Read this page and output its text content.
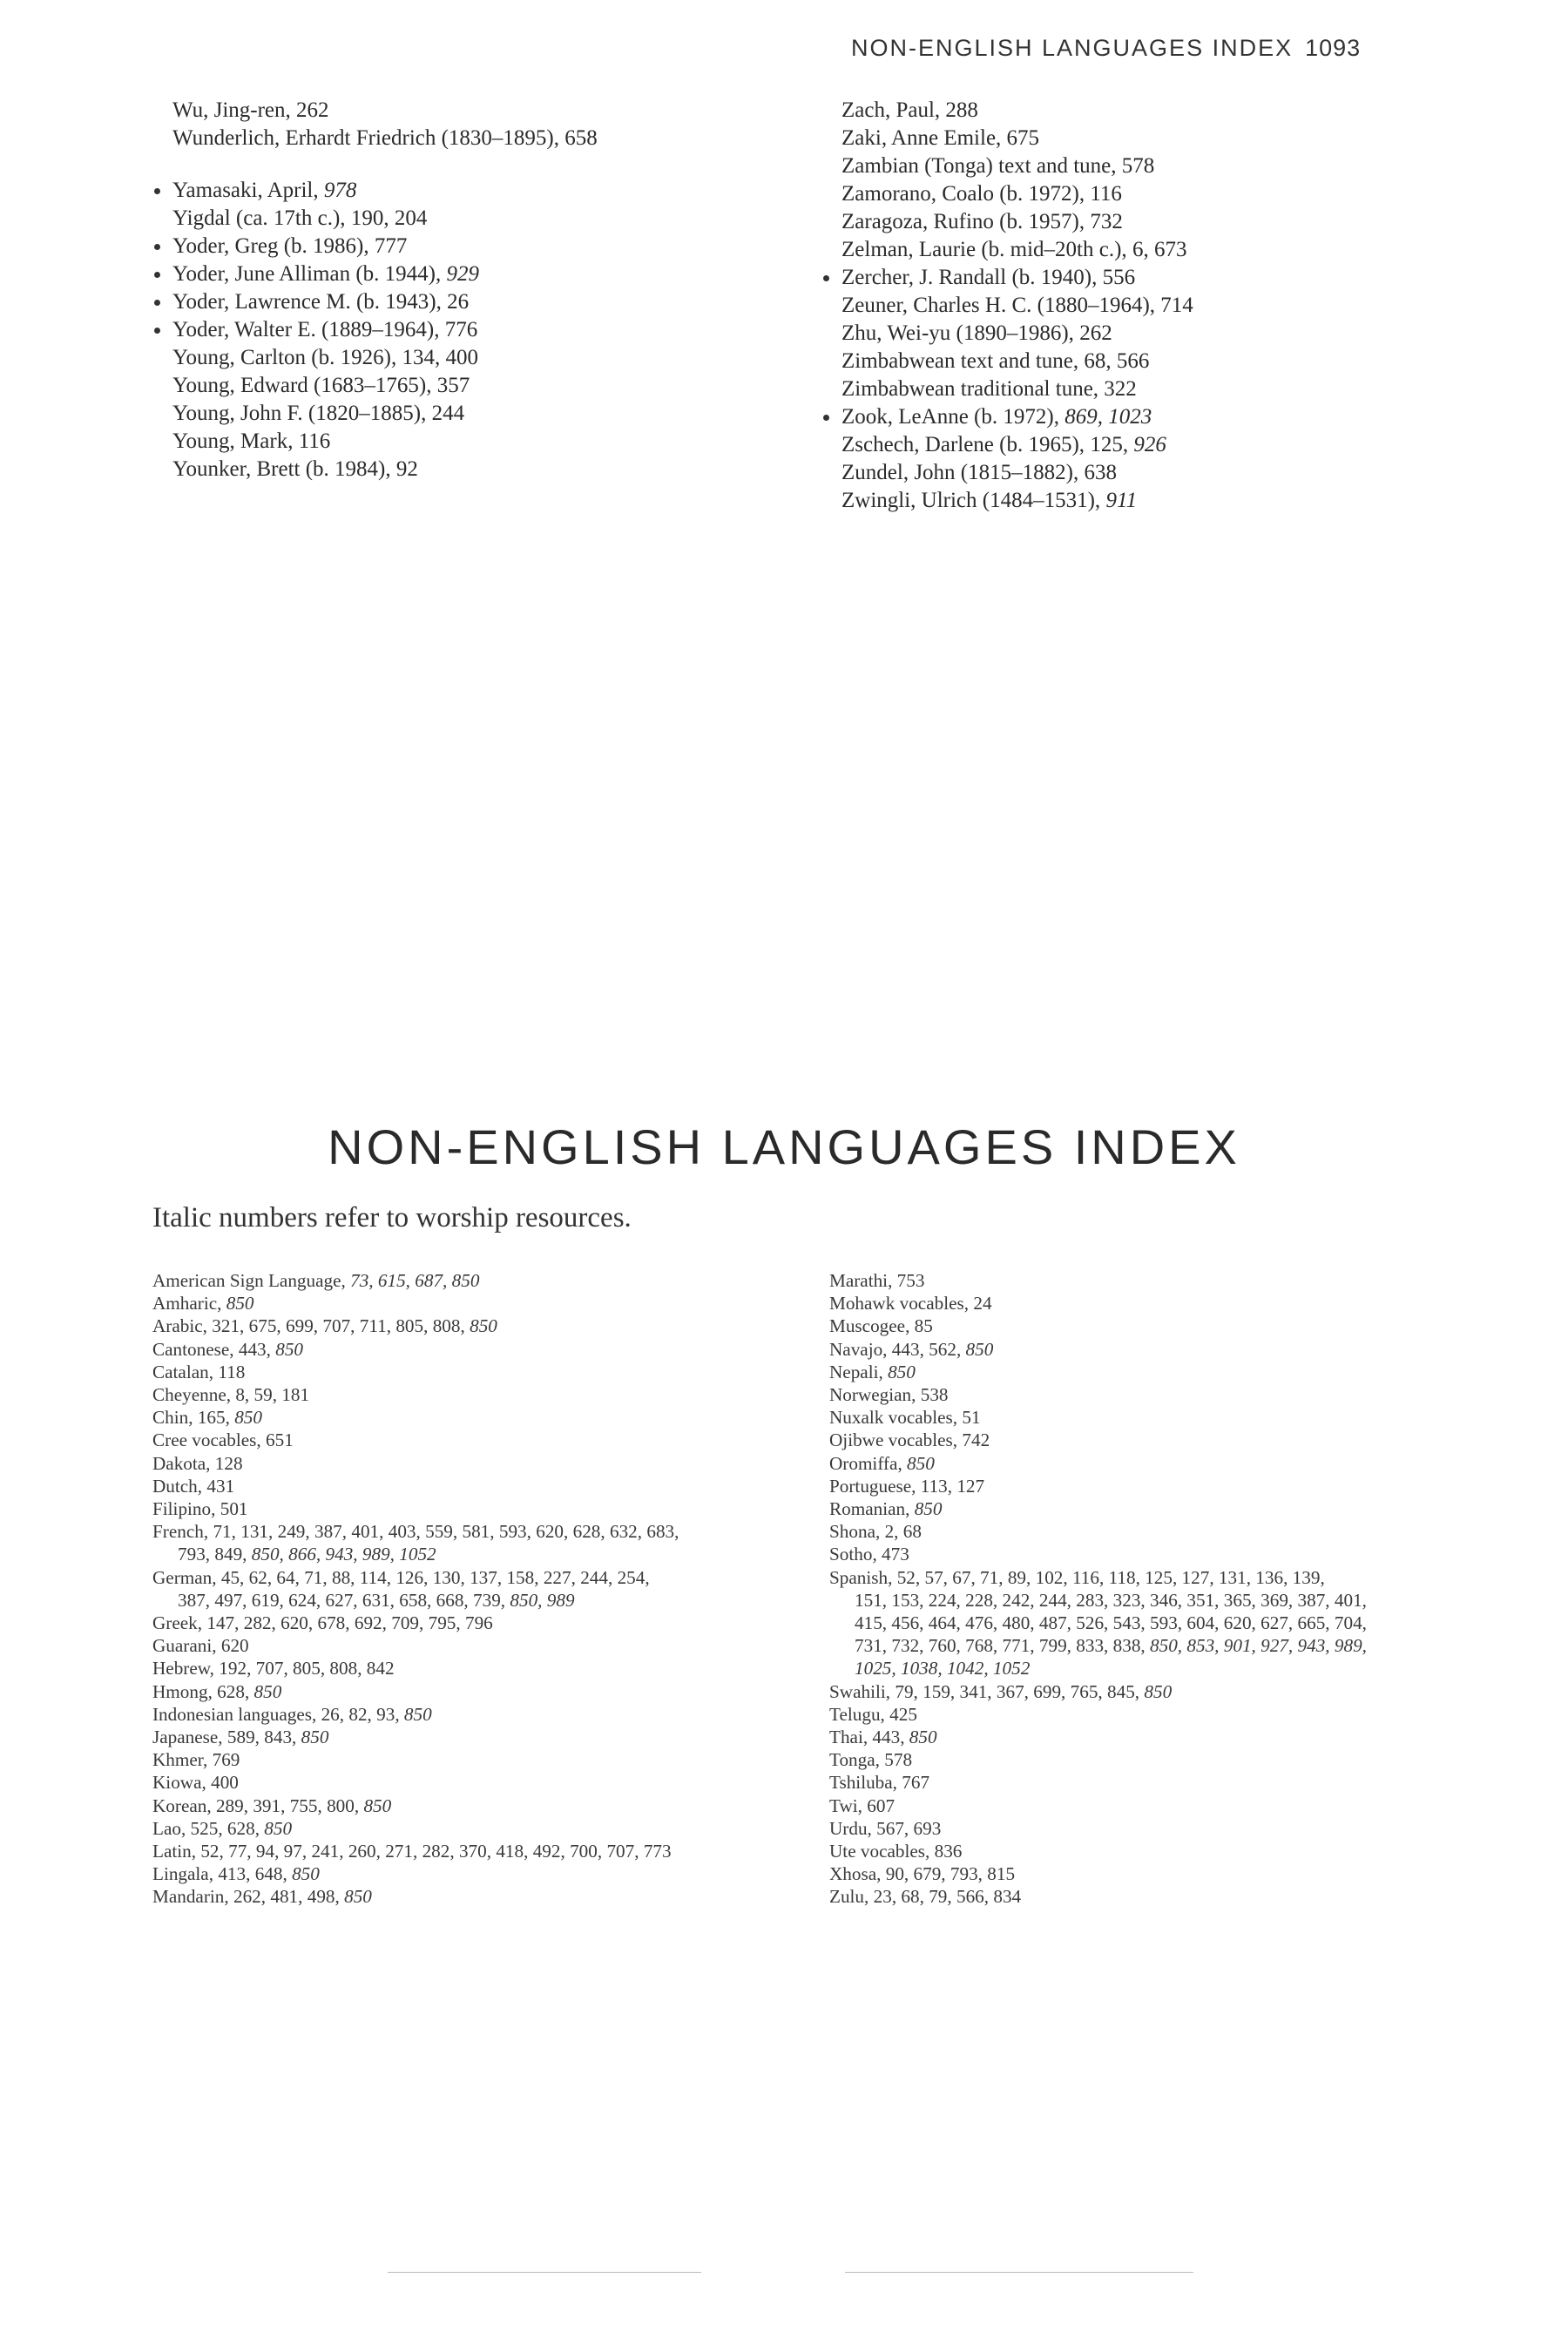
NON-ENGLISH LANGUAGES INDEX 1093
Wu, Jing-ren, 262
Wunderlich, Erhardt Friedrich (1830–1895), 658
Yamasaki, April, 978
Yigdal (ca. 17th c.), 190, 204
Yoder, Greg (b. 1986), 777
Yoder, June Alliman (b. 1944), 929
Yoder, Lawrence M. (b. 1943), 26
Yoder, Walter E. (1889–1964), 776
Young, Carlton (b. 1926), 134, 400
Young, Edward (1683–1765), 357
Young, John F. (1820–1885), 244
Young, Mark, 116
Younker, Brett (b. 1984), 92
Zach, Paul, 288
Zaki, Anne Emile, 675
Zambian (Tonga) text and tune, 578
Zamorano, Coalo (b. 1972), 116
Zaragoza, Rufino (b. 1957), 732
Zelman, Laurie (b. mid–20th c.), 6, 673
Zercher, J. Randall (b. 1940), 556
Zeuner, Charles H. C. (1880–1964), 714
Zhu, Wei-yu (1890–1986), 262
Zimbabwean text and tune, 68, 566
Zimbabwean traditional tune, 322
Zook, LeAnne (b. 1972), 869, 1023
Zschech, Darlene (b. 1965), 125, 926
Zundel, John (1815–1882), 638
Zwingli, Ulrich (1484–1531), 911
NON-ENGLISH LANGUAGES INDEX

Italic numbers refer to worship resources.

American Sign Language, 73, 615, 687, 850
Amharic, 850
Arabic, 321, 675, 699, 707, 711, 805, 808, 850
Cantonese, 443, 850
Catalan, 118
Cheyenne, 8, 59, 181
Chin, 165, 850
Cree vocables, 651
Dakota, 128
Dutch, 431
Filipino, 501
French, 71, 131, 249, 387, 401, 403, 559, 581, 593, 620, 628, 632, 683,
793, 849, 850, 866, 943, 989, 1052
German, 45, 62, 64, 71, 88, 114, 126, 130, 137, 158, 227, 244, 254,
387, 497, 619, 624, 627, 631, 658, 668, 739, 850, 989
Greek, 147, 282, 620, 678, 692, 709, 795, 796
Guarani, 620
Hebrew, 192, 707, 805, 808, 842
Hmong, 628, 850
Indonesian languages, 26, 82, 93, 850
Japanese, 589, 843, 850
Khmer, 769
Kiowa, 400
Korean, 289, 391, 755, 800, 850
Lao, 525, 628, 850
Latin, 52, 77, 94, 97, 241, 260, 271, 282, 370, 418, 492, 700, 707, 773
Lingala, 413, 648, 850
Mandarin, 262, 481, 498, 850
Marathi, 753
Mohawk vocables, 24
Muscogee, 85
Navajo, 443, 562, 850
Nepali, 850
Norwegian, 538
Nuxalk vocables, 51
Ojibwe vocables, 742
Oromiffa, 850
Portuguese, 113, 127
Romanian, 850
Shona, 2, 68
Sotho, 473
Spanish, 52, 57, 67, 71, 89, 102, 116, 118, 125, 127, 131, 136, 139,
151, 153, 224, 228, 242, 244, 283, 323, 346, 351, 365, 369, 387, 401,
415, 456, 464, 476, 480, 487, 526, 543, 593, 604, 620, 627, 665, 704,
731, 732, 760, 768, 771, 799, 833, 838, 850, 853, 901, 927, 943, 989,
1025, 1038, 1042, 1052
Swahili, 79, 159, 341, 367, 699, 765, 845, 850
Telugu, 425
Thai, 443, 850
Tonga, 578
Tshiluba, 767
Twi, 607
Urdu, 567, 693
Ute vocables, 836
Xhosa, 90, 679, 793, 815
Zulu, 23, 68, 79, 566, 834
